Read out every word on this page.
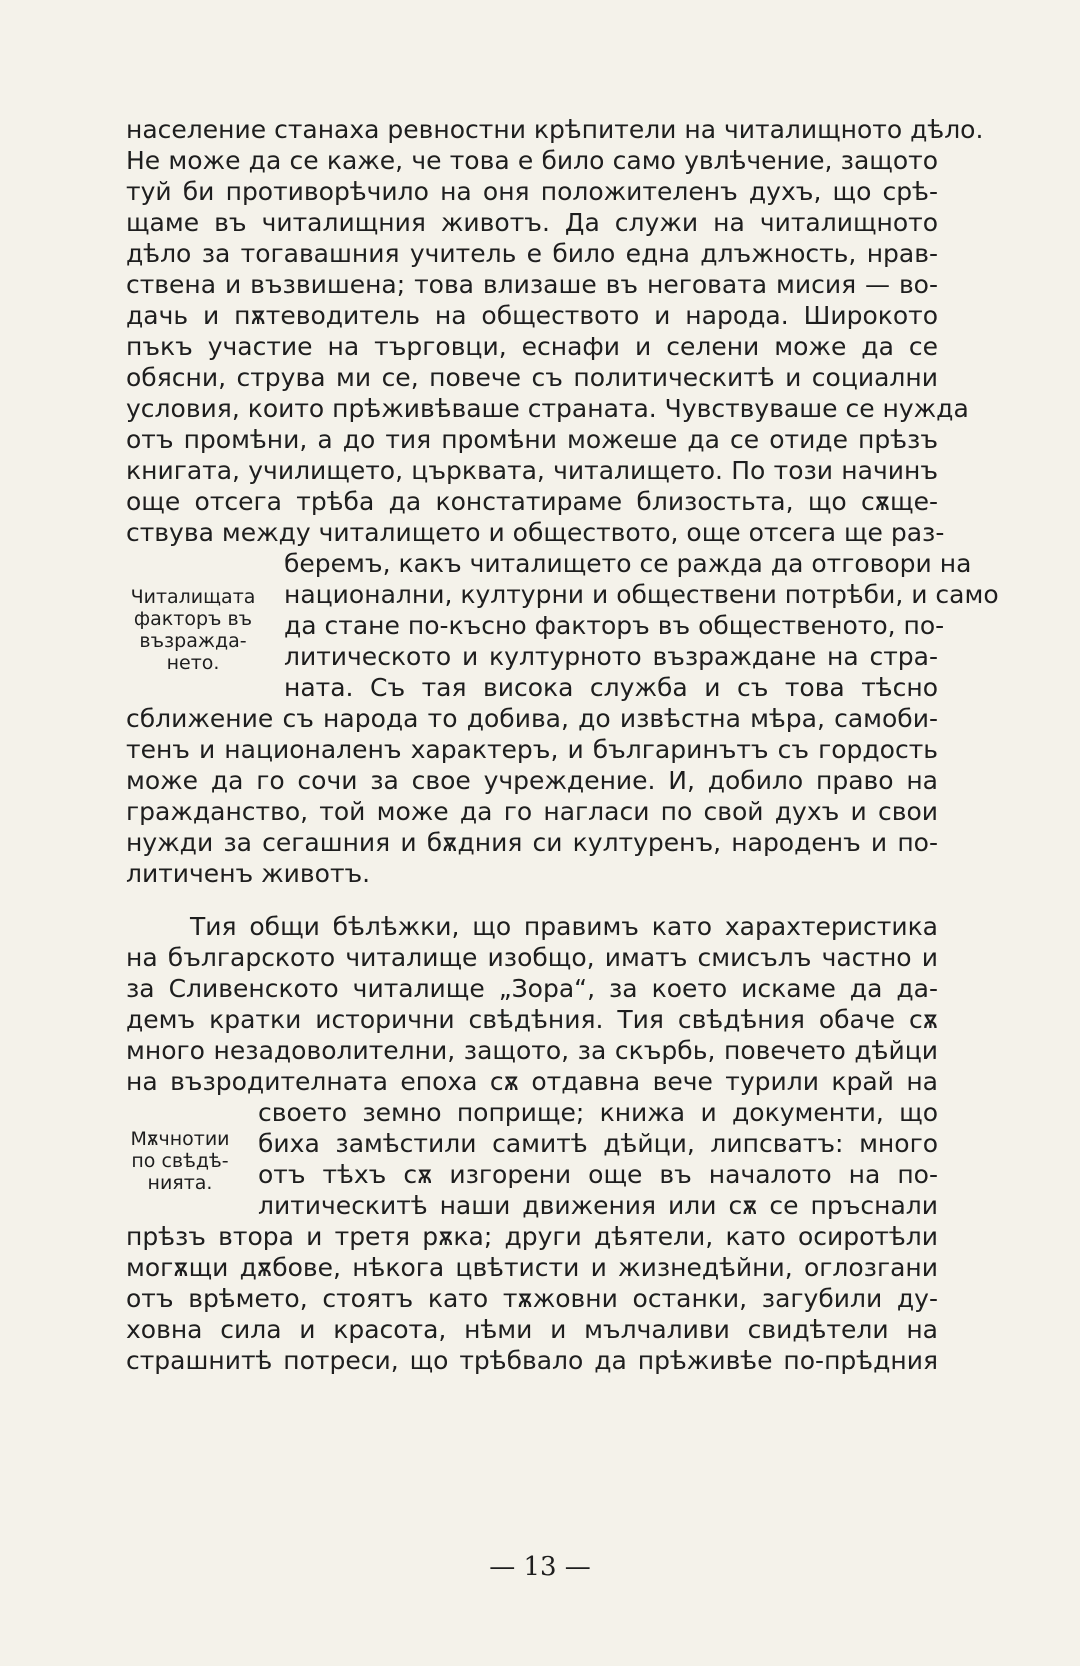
население станаха ревностни крѣпители на читалищното дѣло.
Не може да се каже, че това е било само увлѣчение, защото
туй би противорѣчило на оня положителенъ духъ, що срѣ-
щаме въ читалищния животъ. Да служи на читалищното
дѣло за тогавашния учитель е било една длъжность, нрав-
ствена и възвишена; това влизаше въ неговата мисия — во-
дачь и пѫтеводитель на обществото и народа. Широкото
пъкъ участие на търговци, еснафи и селени може да се
обясни, струва ми се, повече съ политическитѣ и социални
условия, които прѣживѣваше страната. Чувствуваше се нужда
отъ промѣни, а до тия промѣни можеше да се отиде прѣзъ
книгата, училището, църквата, читалището. По този начинъ
още отсега трѣба да констатираме близостьта, що сѫще-
ствува между читалището и обществото, още отсега ще раз-
беремъ, какъ читалището се ражда да отговори на
национални, културни и обществени потрѣби, и само
да стане по-късно факторъ въ общественото, по-
литическото и културното възраждане на стра-
ната. Съ тая висока служба и съ това тѣсно
сближение съ народа то добива, до извѣстна мѣра, самоби-
тенъ и националенъ характеръ, и българинътъ съ гордость
може да го сочи за свое учреждение. И, добило право на
гражданство, той може да го нагласи по свой духъ и свои
нужди за сегашния и бѫдния си културенъ, народенъ и по-
литиченъ животъ.
Читалищата
факторъ въ
възражда-
нето.
Тия общи бѣлѣжки, що правимъ като харахтеристика
на българското читалище изобщо, иматъ смисълъ частно и
за Сливенското читалище „Зора“, за което искаме да да-
демъ кратки исторични свѣдѣния. Тия свѣдѣния обаче сѫ
много незадоволителни, защото, за скърбь, повечето дѣйци
на възродителната епоха сѫ отдавна вече турили край на
своето земно поприще; книжа и документи, що
биха замѣстили самитѣ дѣйци, липсватъ: много
отъ тѣхъ сѫ изгорени още въ началото на по-
литическитѣ наши движения или сѫ се пръснали
прѣзъ втора и третя рѫка; други дѣятели, като осиротѣли
могѫщи дѫбове, нѣкога цвѣтисти и жизнедѣйни, оглозгани
отъ врѣмето, стоятъ като тѫжовни останки, загубили ду-
ховна сила и красота, нѣми и мълчаливи свидѣтели на
страшнитѣ потреси, що трѣбвало да прѣживѣе по-прѣдния
Мѫчнотии
по свѣдѣ-
нията.
— 13 —
